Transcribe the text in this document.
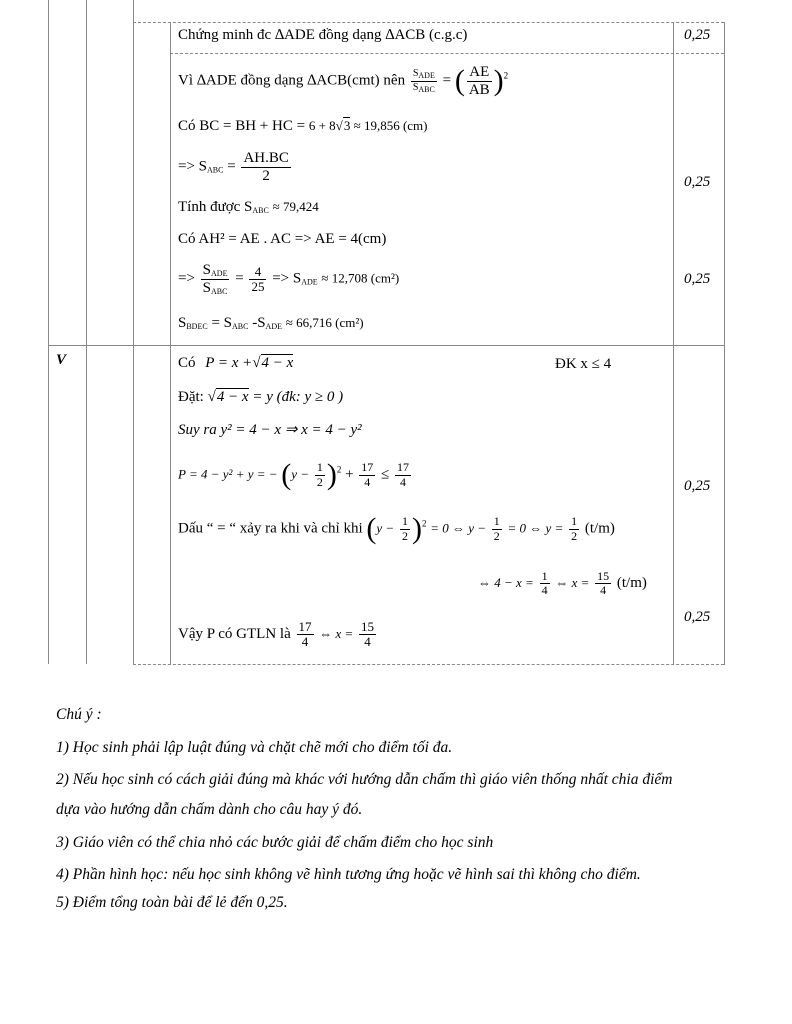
V
Chứng minh đc ∆ADE đồng dạng ∆ACB (c.g.c)
Vì ∆ADE đồng dạng ∆ACB(cmt) nên $\frac{S_{ADE}}{S_{ABC}}$ = ( $\frac{AE}{AB} )^2$
Có BC = BH + HC = 6 + 8√3 ≈ 19,856 (cm)
=> $S_{ABC} = \frac{AH.BC}{2}$
Tính được $S_{ABC} \approx 79,424$
Có AH² = AE . AC => AE = 4(cm)
=> $\frac{S_{ADE}}{S_{ABC}} = \frac{4}{25} => S_{ADE} \approx 12,708$ (cm²)
$S_{BDEC} = S_{ABC}$ $-S_{ADE} \approx 66,716$ (cm²)
Có P = x +√4 − x	ĐK x ≤ 4
Đặt: √4 − x = y (đk: y ≥ 0 )
Suy ra y² = 4 − x ⇒ x = 4 − y²
P = 4 − y² + y = − $(y - \frac{1}{2} )^2 + \frac{17}{4} \le \frac{17}{4}$
Dấu “ = “ xảy ra khi và chỉ khi $(y - \frac{1}{2} )^2 = 0$ ⇔ $y - \frac{1}{2} = 0$ ⇔ $y = \frac{1}{2} (t/m)$
⇔ $4 - x = \frac{1}{4}$ ⇔ $x = \frac{15}{4} (t/m)$
Vậy P có GTLN là $\frac{17}{4}$ ⇔ $x = \frac{15}{4}$
0,25
0,25
0,25
0,25
0,25
Chú ý :
1) Học sinh phải lập luật đúng và chặt chẽ mới cho điểm tối đa.
2) Nếu học sinh có cách giải đúng mà khác với hướng dẫn chấm thì giáo viên thống nhất chia điểm
dựa vào hướng dẫn chấm dành cho câu hay ý đó.
3) Giáo viên có thể chia nhỏ các bước giải để chấm điểm cho học sinh
4) Phần hình học: nếu học sinh không vẽ hình tương ứng hoặc vẽ hình sai thì không cho điểm.
5) Điểm tổng toàn bài để lẻ đến 0,25.
